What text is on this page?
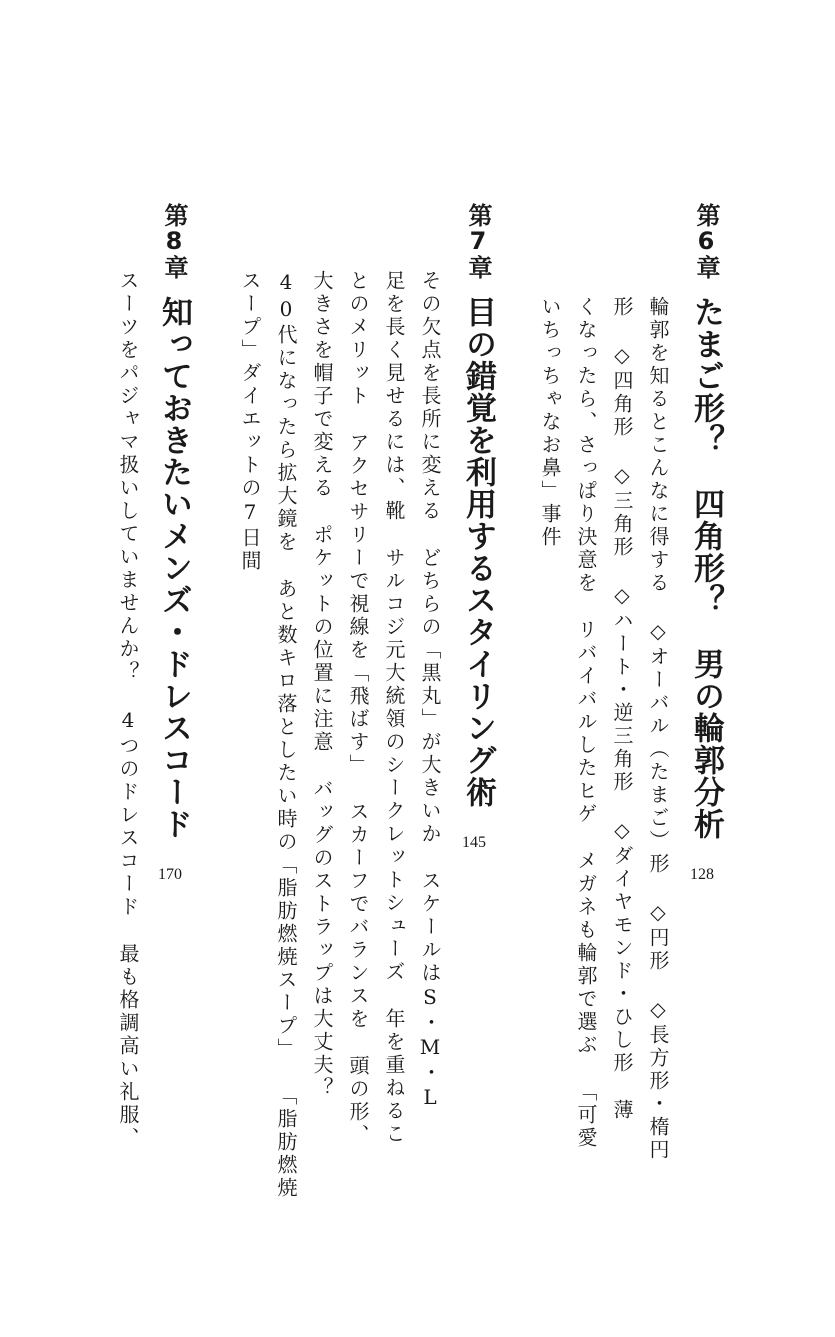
第6章
たまご形？　四角形？　男の輪郭分析
128
輪郭を知るとこんなに得する◇オーバル（たまご）形◇円形◇長方形・楕円
形◇四角形◇三角形◇ハート・逆三角形◇ダイヤモンド・ひし形薄
くなったら、さっぱり決意をリバイバルしたヒゲメガネも輪郭で選ぶ「可愛
いちっちゃなお鼻」事件
第7章
目の錯覚を利用するスタイリング術
145
その欠点を長所に変えるどちらの「黒丸」が大きいかスケールはS・M・L
足を長く見せるには、靴サルコジ元大統領のシークレットシューズ年を重ねるこ
とのメリットアクセサリーで視線を「飛ばす」スカーフでバランスを頭の形、
大きさを帽子で変えるポケットの位置に注意バッグのストラップは大丈夫？
40代になったら拡大鏡をあと数キロ落としたい時の「脂肪燃焼スープ」「脂肪燃焼
スープ」ダイエットの7日間
第8章
知っておきたいメンズ・ドレスコード
170
スーツをパジャマ扱いしていませんか？4つのドレスコード最も格調高い礼服、
